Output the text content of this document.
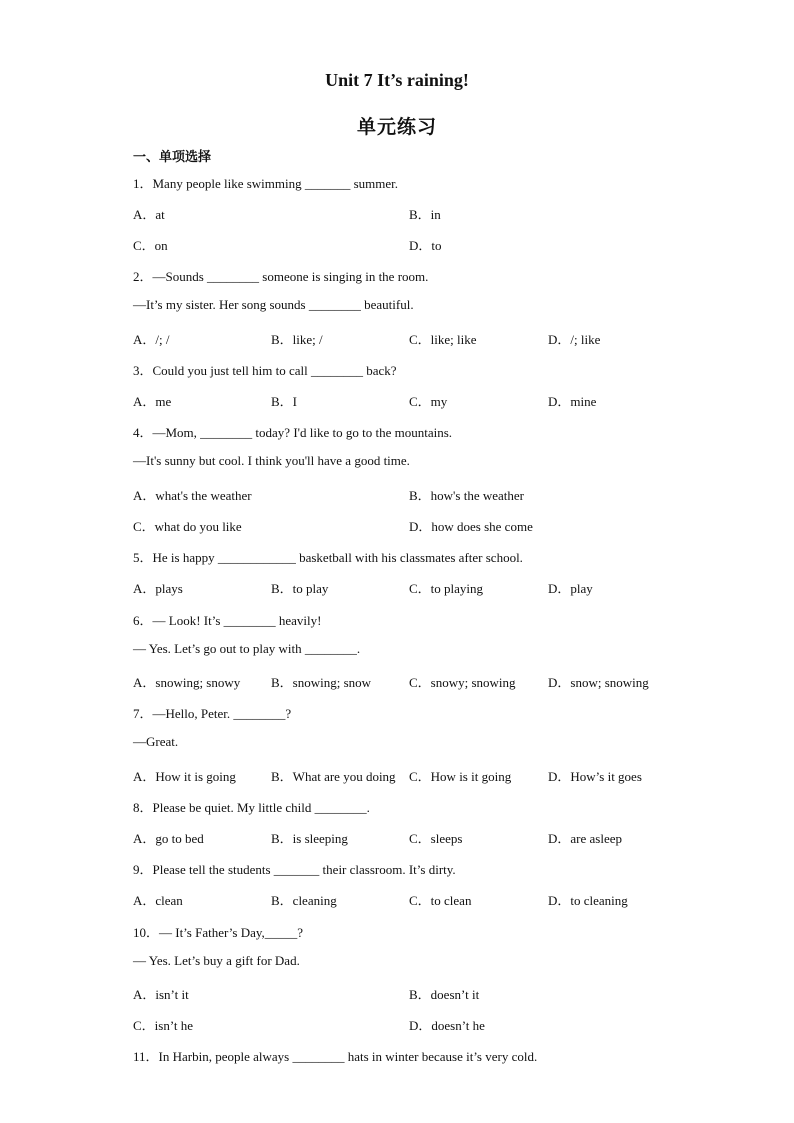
Unit 7 It’s raining!
单元练习
一、单项选择
1．Many people like swimming _______ summer.
A．at	B．in
C．on	D．to
2．—Sounds ________ someone is singing in the room.
—It’s my sister. Her song sounds ________ beautiful.
A．/; /	B．like; /	C．like; like	D．/; like
3．Could you just tell him to call ________ back?
A．me	B．I	C．my	D．mine
4．—Mom, ________ today? I'd like to go to the mountains.
—It's sunny but cool. I think you'll have a good time.
A．what's the weather	B．how's the weather
C．what do you like	D．how does she come
5．He is happy ____________ basketball with his classmates after school.
A．plays	B．to play	C．to playing	D．play
6．— Look! It’s ________ heavily!
— Yes. Let’s go out to play with ________.
A．snowing; snowy B．snowing; snow	C．snowy; snowing D．snow; snowing
7．—Hello, Peter. ________?
—Great.
A．How it is going	B．What are you doing C．How is it going	D．How’s it goes
8．Please be quiet. My little child ________.
A．go to bed	B．is sleeping	C．sleeps	D．are asleep
9．Please tell the students _______ their classroom. It’s dirty.
A．clean	B．cleaning	C．to clean	D．to cleaning
10．— It’s Father’s Day,_____?
— Yes. Let’s buy a gift for Dad.
A．isn’t it	B．doesn’t it
C．isn’t he	D．doesn’t he
11．In Harbin, people always ________ hats in winter because it’s very cold.
